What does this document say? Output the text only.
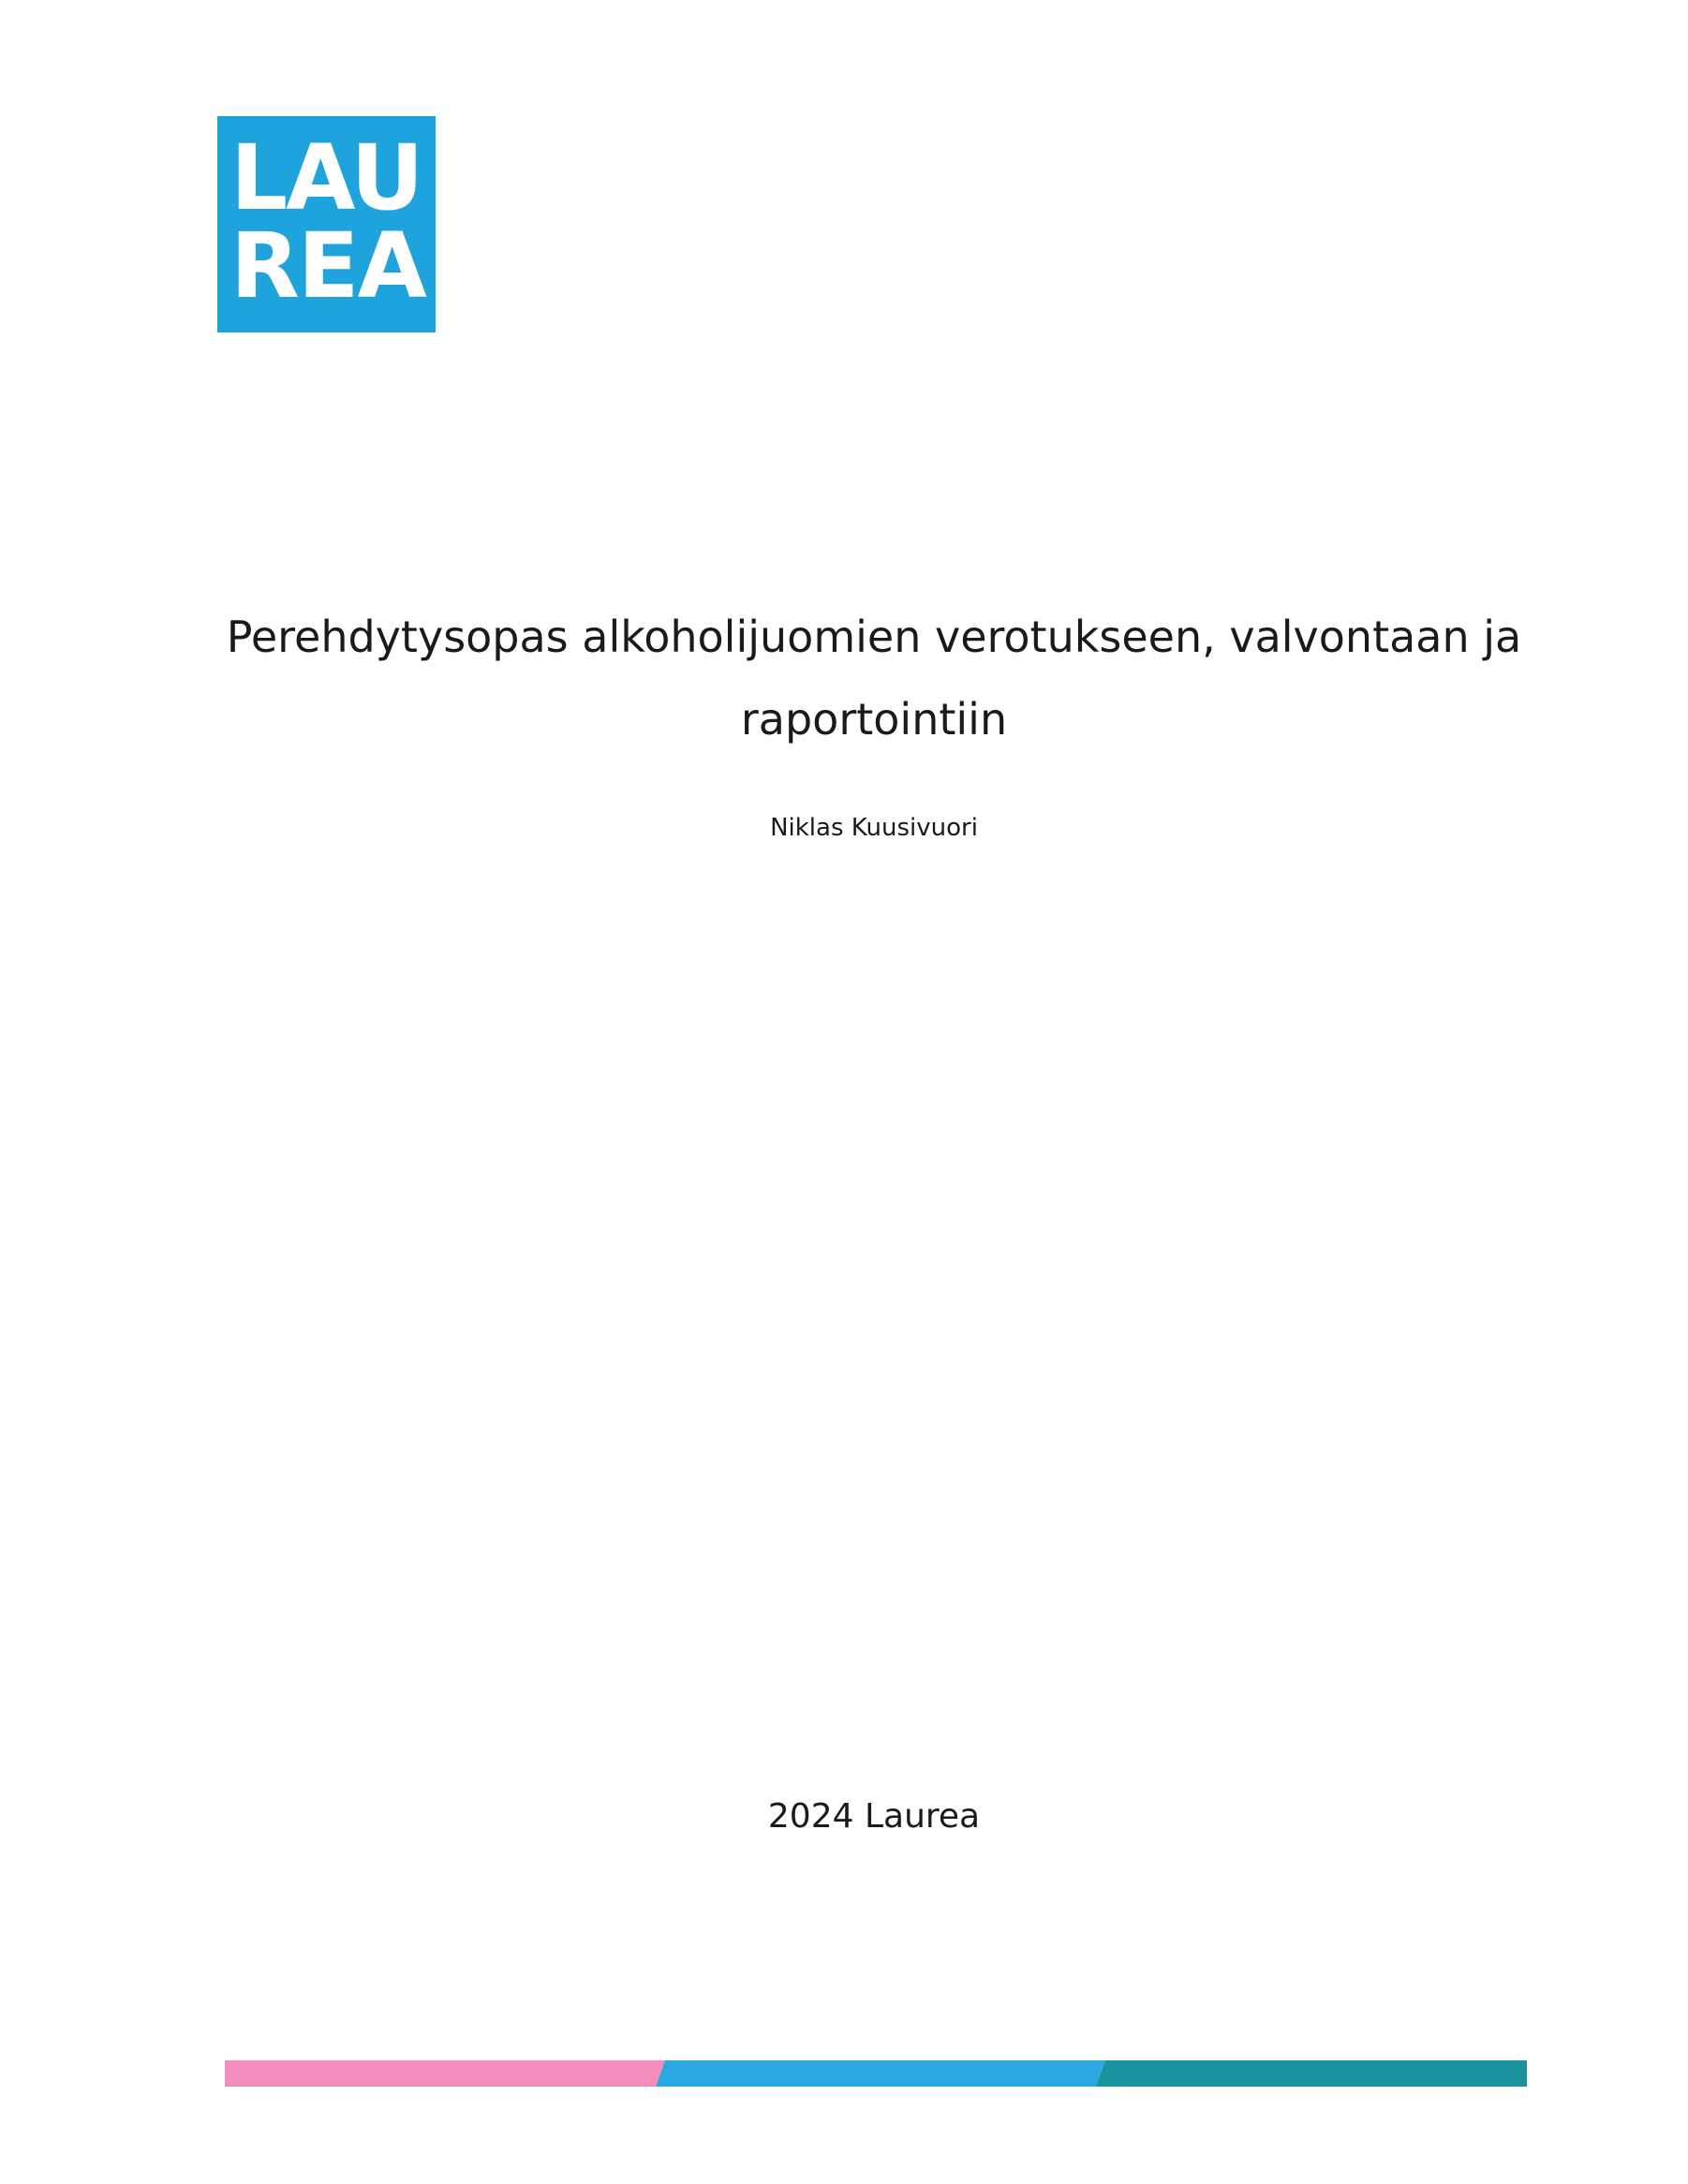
LAU
REA
Perehdytysopas alkoholijuomien verotukseen, valvontaan ja raportointiin
Niklas Kuusivuori
2024 Laurea
